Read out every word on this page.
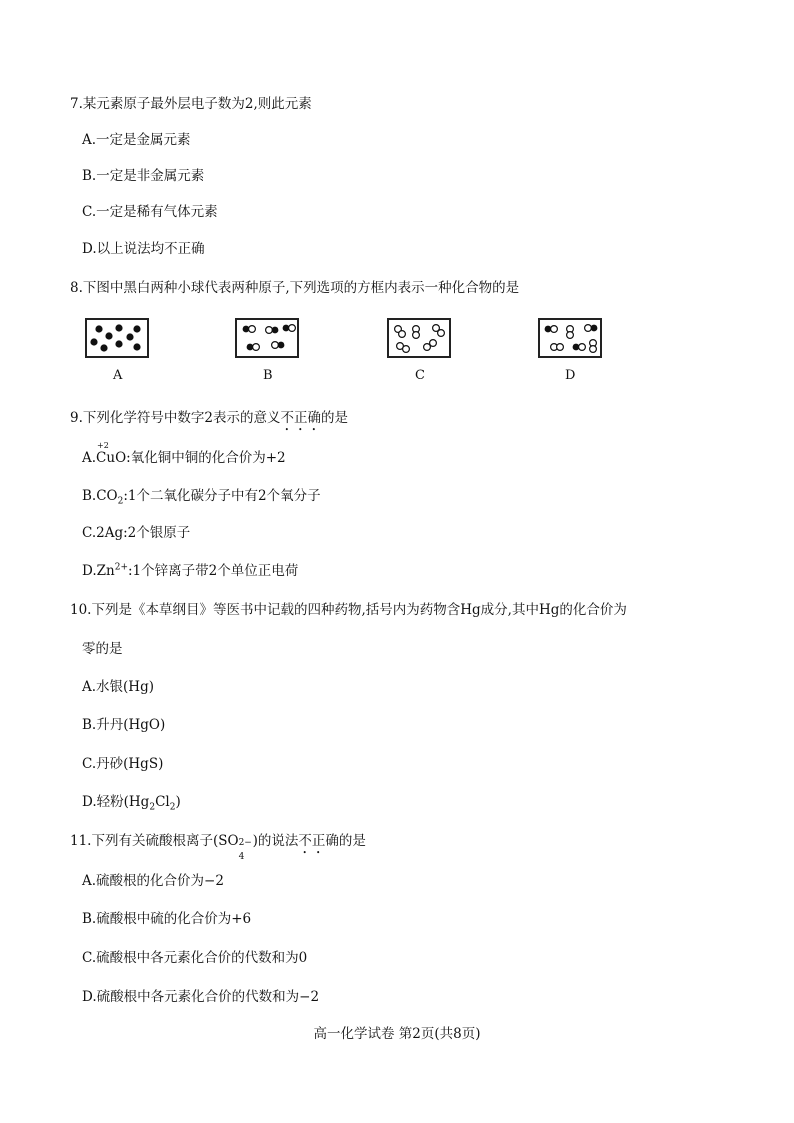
7.某元素原子最外层电子数为2,则此元素
A.一定是金属元素
B.一定是非金属元素
C.一定是稀有气体元素
D.以上说法均不正确
8.下图中黑白两种小球代表两种原子,下列选项的方框内表示一种化合物的是
A	B	C	D
9.下列化学符号中数字2表示的意义不正确的是
A.
+2
CuO:氧化铜中铜的化合价为+2
$B.CO_2:1$个二氧化碳分子中有2个氧分子
C.2Ag:2个银原子
$D.Zn^{2+}:1$个锌离子带2个单位正电荷
10.下列是《本草纲目》等医书中记载的四种药物,括号内为药物含Hg成分,其中Hg的化合价为
零的是
A.水银(Hg)
B.升丹(HgO)
C.丹砂(HgS)
D.轻粉$(Hg_2Cl_2)$
11.下列有关硫酸根离子(SO 2−
4
)的说法不正确的是
A.硫酸根的化合价为−2
B.硫酸根中硫的化合价为+6
C.硫酸根中各元素化合价的代数和为0
D.硫酸根中各元素化合价的代数和为−2
高一化学试卷 第2页(共8页)
